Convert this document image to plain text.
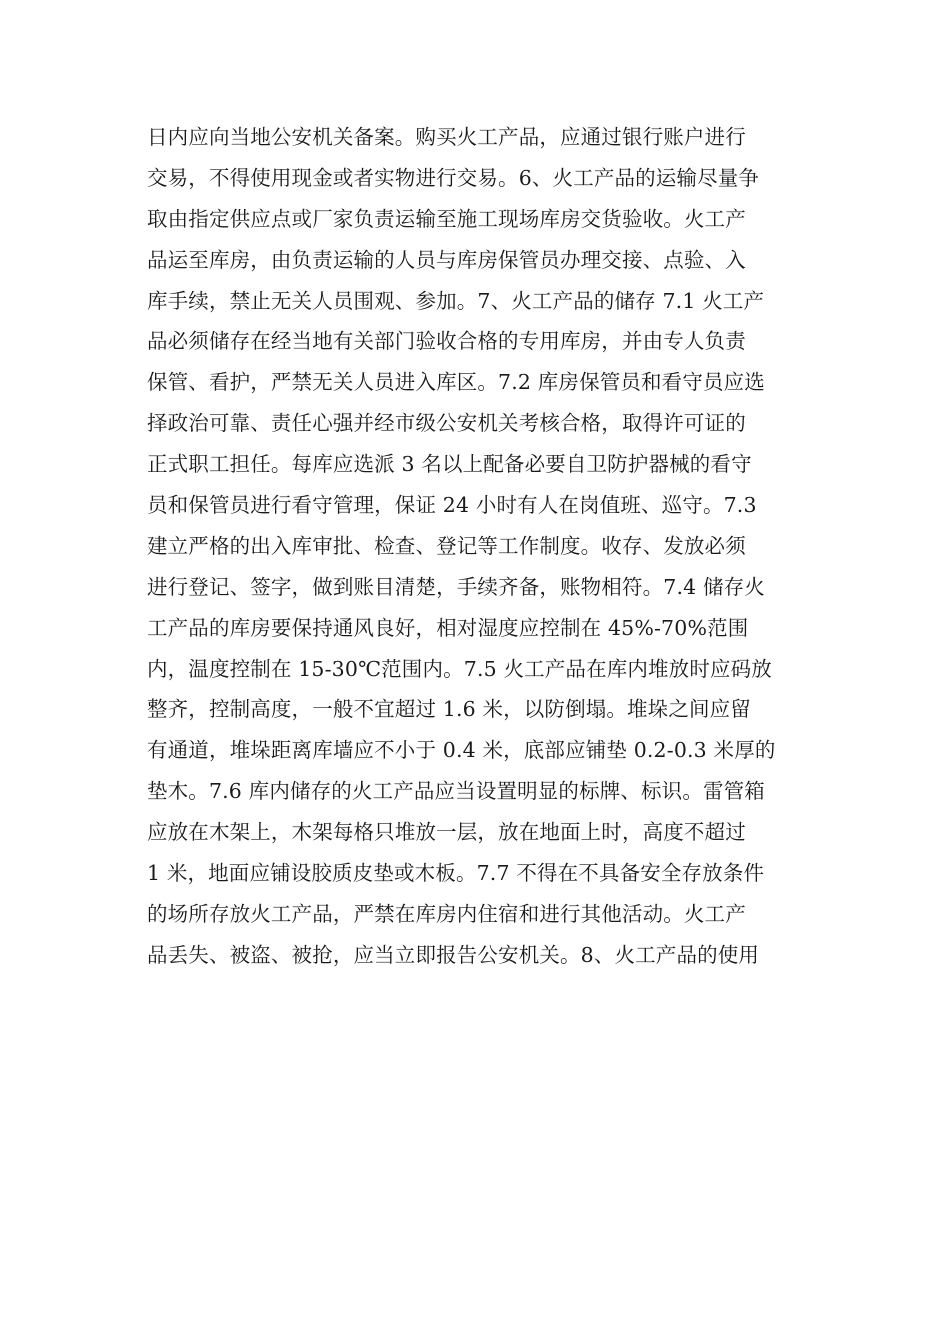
日内应向当地公安机关备案。购买火工产品，应通过银行账户进行
交易，不得使用现金或者实物进行交易。6、火工产品的运输尽量争
取由指定供应点或厂家负责运输至施工现场库房交货验收。火工产
品运至库房，由负责运输的人员与库房保管员办理交接、点验、入
库手续，禁止无关人员围观、参加。7、火工产品的储存 7.1 火工产
品必须储存在经当地有关部门验收合格的专用库房，并由专人负责
保管、看护，严禁无关人员进入库区。7.2 库房保管员和看守员应选
择政治可靠、责任心强并经市级公安机关考核合格，取得许可证的
正式职工担任。每库应选派 3 名以上配备必要自卫防护器械的看守
员和保管员进行看守管理，保证 24 小时有人在岗值班、巡守。7.3
建立严格的出入库审批、检查、登记等工作制度。收存、发放必须
进行登记、签字，做到账目清楚，手续齐备，账物相符。7.4 储存火
工产品的库房要保持通风良好，相对湿度应控制在 45%-70%范围
内，温度控制在 15-30℃范围内。7.5 火工产品在库内堆放时应码放
整齐，控制高度，一般不宜超过 1.6 米，以防倒塌。堆垛之间应留
有通道，堆垛距离库墙应不小于 0.4 米，底部应铺垫 0.2-0.3 米厚的
垫木。7.6 库内储存的火工产品应当设置明显的标牌、标识。雷管箱
应放在木架上，木架每格只堆放一层，放在地面上时，高度不超过
1 米，地面应铺设胶质皮垫或木板。7.7 不得在不具备安全存放条件
的场所存放火工产品，严禁在库房内住宿和进行其他活动。火工产
品丢失、被盗、被抢，应当立即报告公安机关。8、火工产品的使用
